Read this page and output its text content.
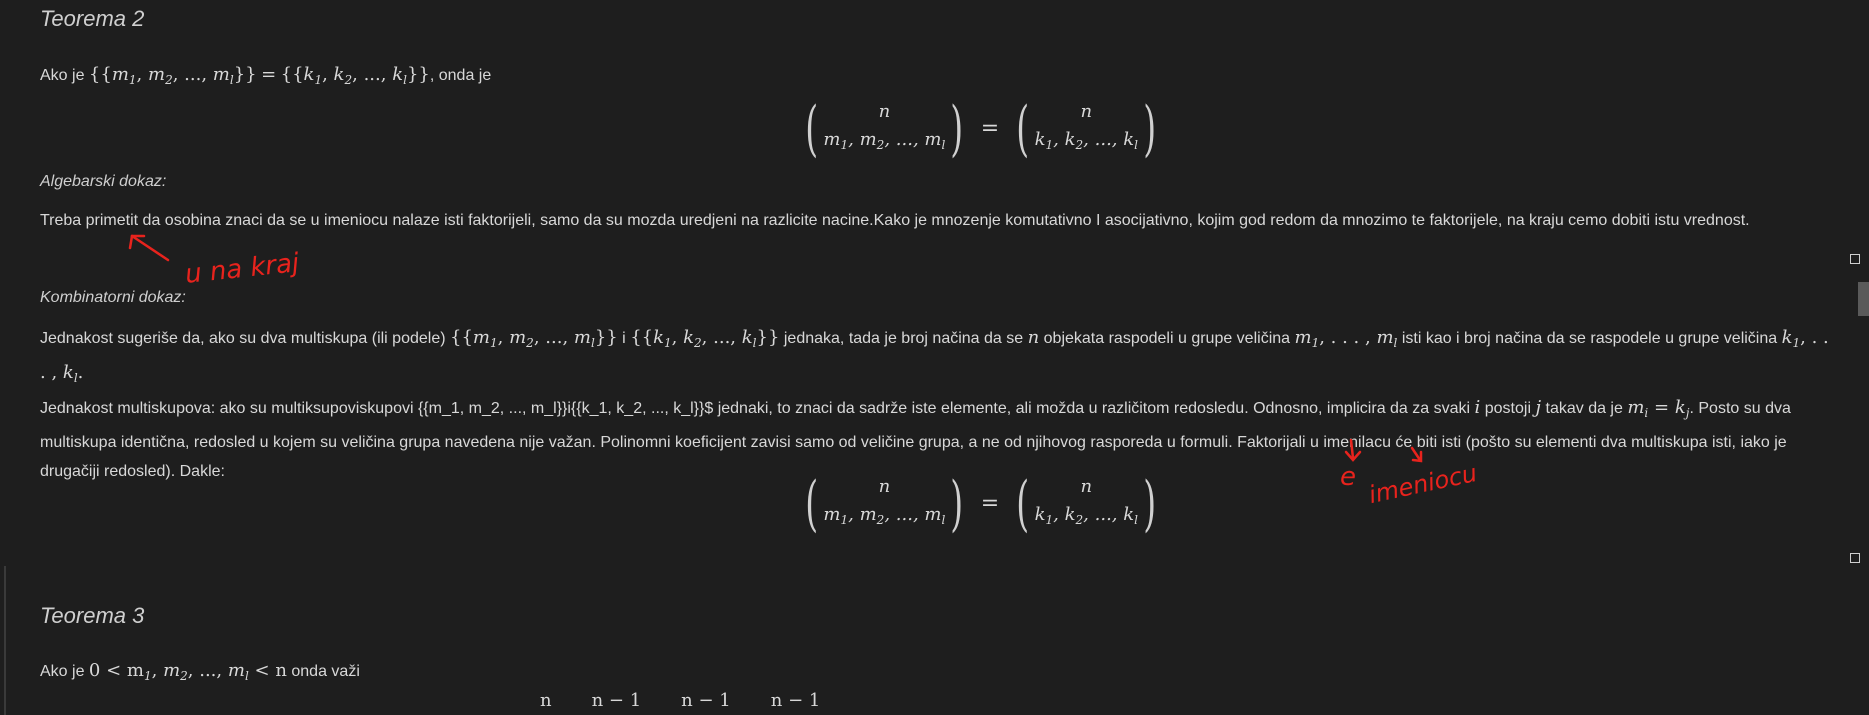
Teorema 2
Ako je {{$m_1$, $m_2$, ..., $m_l\}\} = \{\{k_1$, $k_2$, ..., $k_l$}}, onda je
(	n
$m_1$, $m_2$, ..., $m_l$ ) = (	n
$k_1$, $k_2$, ..., $k_l$ )
Algebarski dokaz:
Treba primetit da osobina znaci da se u imeniocu nalaze isti faktorijeli, samo da su mozda uredjeni na razlicite nacine.Kako je mnozenje komutativno I asocijativno, kojim god redom da mnozimo te faktorijele, na kraju cemo dobiti istu vrednost.
Kombinatorni dokaz:
Jednakost sugeriše da, ako su dva multiskupa (ili podele) {{$m_1$, $m_2$, ..., $m_l$}} i {{$k_1$, $k_2$, ..., $k_l$}} jednaka, tada je broj načina da se n objekata raspodeli u grupe veličina $m_1$, . . . , $m_l$ isti kao i broj načina da se raspodele u grupe veličina $k_1$, . . . , $k_l$.
Jednakost multiskupova: ako su multiksupoviskupovi {{m_1, m_2, ..., m_l}}i{{k_1, k_2, ..., k_l}}$ jednaki, to znaci da sadrže iste elemente, ali možda u različitom redosledu. Odnosno, implicira da za svaki i postoji j takav da je $m_i = k_j$. Posto su dva multiskupa identična, redosled u kojem su veličina grupa navedena nije važan. Polinomni koeficijent zavisi samo od veličine grupa, a ne od njihovog rasporeda u formuli. Faktorijali u imenilacu će biti isti (pošto su elementi dva multiskupa isti, iako je drugačiji redosled). Dakle:	(	n
$m_1$, $m_2$, ..., $m_l$ ) = (	n
$k_1$, $k_2$, ..., $k_l$ )
Teorema 3
Ako je $0 < m_1$, $m_2$, ..., $m_l < n$ onda važi
n n − 1 n − 1 n − 1
u na kraj
e imeniocu
